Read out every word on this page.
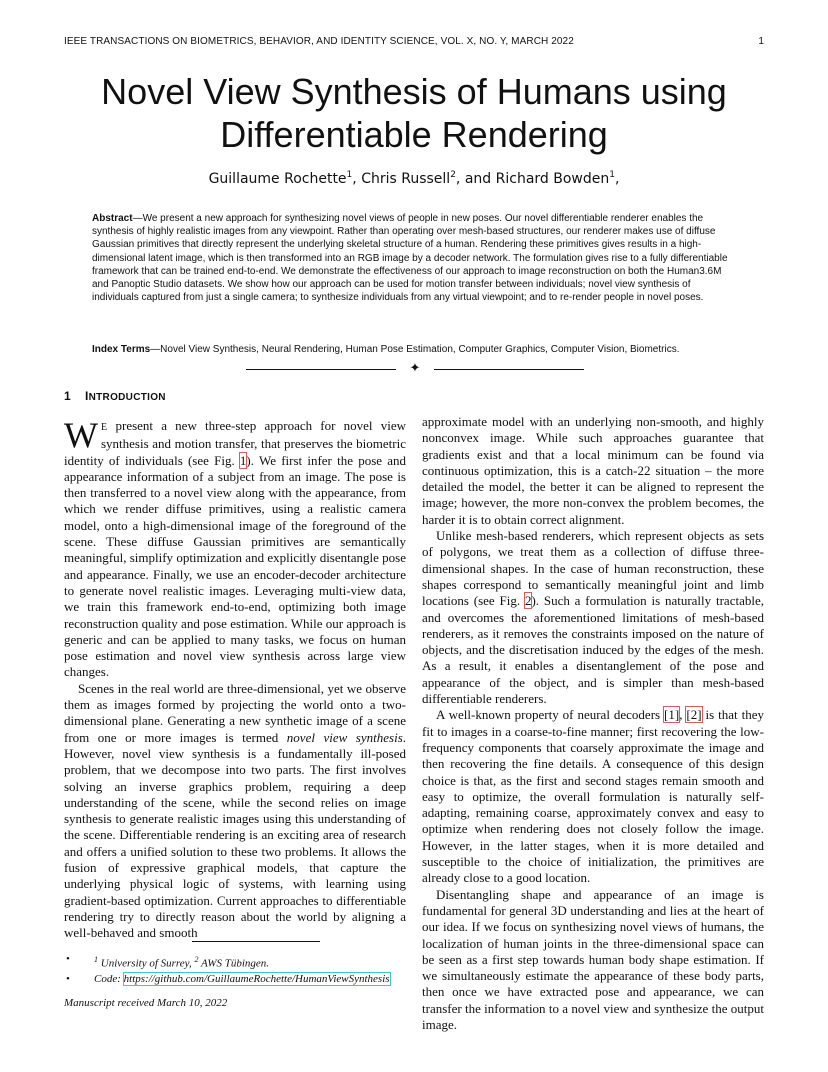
IEEE TRANSACTIONS ON BIOMETRICS, BEHAVIOR, AND IDENTITY SCIENCE, VOL. X, NO. Y, MARCH 2022	1
Novel View Synthesis of Humans using
Differentiable Rendering
Guillaume Rochette$^1$, Chris Russell$^2$, and Richard Bowden$^1$,
Abstract—We present a new approach for synthesizing novel views of people in new poses. Our novel differentiable renderer enables the synthesis of highly realistic images from any viewpoint. Rather than operating over mesh-based structures, our renderer makes use of diffuse Gaussian primitives that directly represent the underlying skeletal structure of a human. Rendering these primitives gives results in a high-dimensional latent image, which is then transformed into an RGB image by a decoder network. The formulation gives rise to a fully differentiable framework that can be trained end-to-end. We demonstrate the effectiveness of our approach to image reconstruction on both the Human3.6M and Panoptic Studio datasets. We show how our approach can be used for motion transfer between individuals; novel view synthesis of individuals captured from just a single camera; to synthesize individuals from any virtual viewpoint; and to re-render people in novel poses.
Index Terms—Novel View Synthesis, Neural Rendering, Human Pose Estimation, Computer Graphics, Computer Vision, Biometrics.
✦
1 INTRODUCTION

W E present a new three-step approach for novel view synthesis and motion transfer, that preserves the biometric identity of individuals (see Fig. 1). We first infer the pose and appearance information of a subject from an image. The pose is then transferred to a novel view along with the appearance, from which we render diffuse primitives, using a realistic camera model, onto a high-dimensional image of the foreground of the scene. These diffuse Gaussian primitives are semantically meaningful, simplify optimization and explicitly disentangle pose and appearance. Finally, we use an encoder-decoder architecture to generate novel realistic images. Leveraging multi-view data, we train this framework end-to-end, optimizing both image reconstruction quality and pose estimation. While our approach is generic and can be applied to many tasks, we focus on human pose estimation and novel view synthesis across large view changes.

Scenes in the real world are three-dimensional, yet we observe them as images formed by projecting the world onto a two-dimensional plane. Generating a new synthetic image of a scene from one or more images is termed novel view synthesis. However, novel view synthesis is a fundamentally ill-posed problem, that we decompose into two parts. The first involves solving an inverse graphics problem, requiring a deep understanding of the scene, while the second relies on image synthesis to generate realistic images using this understanding of the scene. Differentiable rendering is an exciting area of research and offers a unified solution to these two problems. It allows the fusion of expressive graphical models, that capture the underlying physical logic of systems, with learning using gradient-based optimization. Current approaches to differentiable rendering try to directly reason about the world by aligning a well-behaved and smooth

approximate model with an underlying non-smooth, and highly nonconvex image. While such approaches guarantee that gradients exist and that a local minimum can be found via continuous optimization, this is a catch-22 situation – the more detailed the model, the better it can be aligned to represent the image; however, the more non-convex the problem becomes, the harder it is to obtain correct alignment.

Unlike mesh-based renderers, which represent objects as sets of polygons, we treat them as a collection of diffuse three-dimensional shapes. In the case of human reconstruction, these shapes correspond to semantically meaningful joint and limb locations (see Fig. 2). Such a formulation is naturally tractable, and overcomes the aforementioned limitations of mesh-based renderers, as it removes the constraints imposed on the nature of objects, and the discretisation induced by the edges of the mesh. As a result, it enables a disentanglement of the pose and appearance of the object, and is simpler than mesh-based differentiable renderers.

A well-known property of neural decoders [1], [2] is that they fit to images in a coarse-to-fine manner; first recovering the low-frequency components that coarsely approximate the image and then recovering the fine details. A consequence of this design choice is that, as the first and second stages remain smooth and easy to optimize, the overall formulation is naturally self-adapting, remaining coarse, approximately convex and easy to optimize when rendering does not closely follow the image. However, in the latter stages, when it is more detailed and susceptible to the choice of initialization, the primitives are already close to a good location.

Disentangling shape and appearance of an image is fundamental for general 3D understanding and lies at the heart of our idea. If we focus on synthesizing novel views of humans, the localization of human joints in the three-dimensional space can be seen as a first step towards human body shape estimation. If we simultaneously estimate the appearance of these body parts, then once we have extracted pose and appearance, we can transfer the information to a novel view and synthesize the output image.

•	$^1$ University of Surrey, $^2$ AWS Tübingen.
• Code: https://github.com/GuillaumeRochette/HumanViewSynthesis
Manuscript received March 10, 2022
